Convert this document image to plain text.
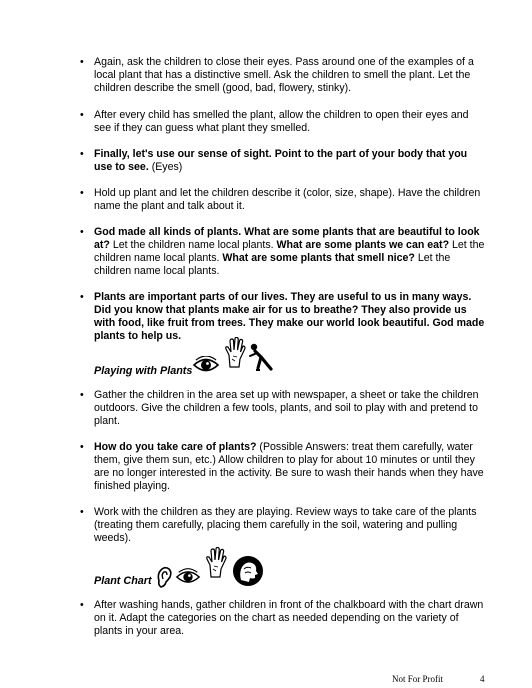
• Again, ask the children to close their eyes. Pass around one of the examples of a local plant that has a distinctive smell. Ask the children to smell the plant. Let the children describe the smell (good, bad, flowery, stinky).
• After every child has smelled the plant, allow the children to open their eyes and see if they can guess what plant they smelled.
• Finally, let's use our sense of sight. Point to the part of your body that you use to see. (Eyes)
• Hold up plant and let the children describe it (color, size, shape). Have the children name the plant and talk about it.
• God made all kinds of plants. What are some plants that are beautiful to look at? Let the children name local plants. What are some plants we can eat? Let the children name local plants. What are some plants that smell nice? Let the children name local plants.
• Plants are important parts of our lives. They are useful to us in many ways. Did you know that plants make air for us to breathe? They also provide us with food, like fruit from trees. They make our world look beautiful. God made plants to help us.
Playing with Plants
• Gather the children in the area set up with newspaper, a sheet or take the children outdoors. Give the children a few tools, plants, and soil to play with and pretend to plant.
• How do you take care of plants? (Possible Answers: treat them carefully, water them, give them sun, etc.) Allow children to play for about 10 minutes or until they are no longer interested in the activity. Be sure to wash their hands when they have finished playing.
• Work with the children as they are playing. Review ways to take care of the plants (treating them carefully, placing them carefully in the soil, watering and pulling weeds).
Plant Chart
• After washing hands, gather children in front of the chalkboard with the chart drawn on it. Adapt the categories on the chart as needed depending on the variety of plants in your area.
Not For Profit	4
